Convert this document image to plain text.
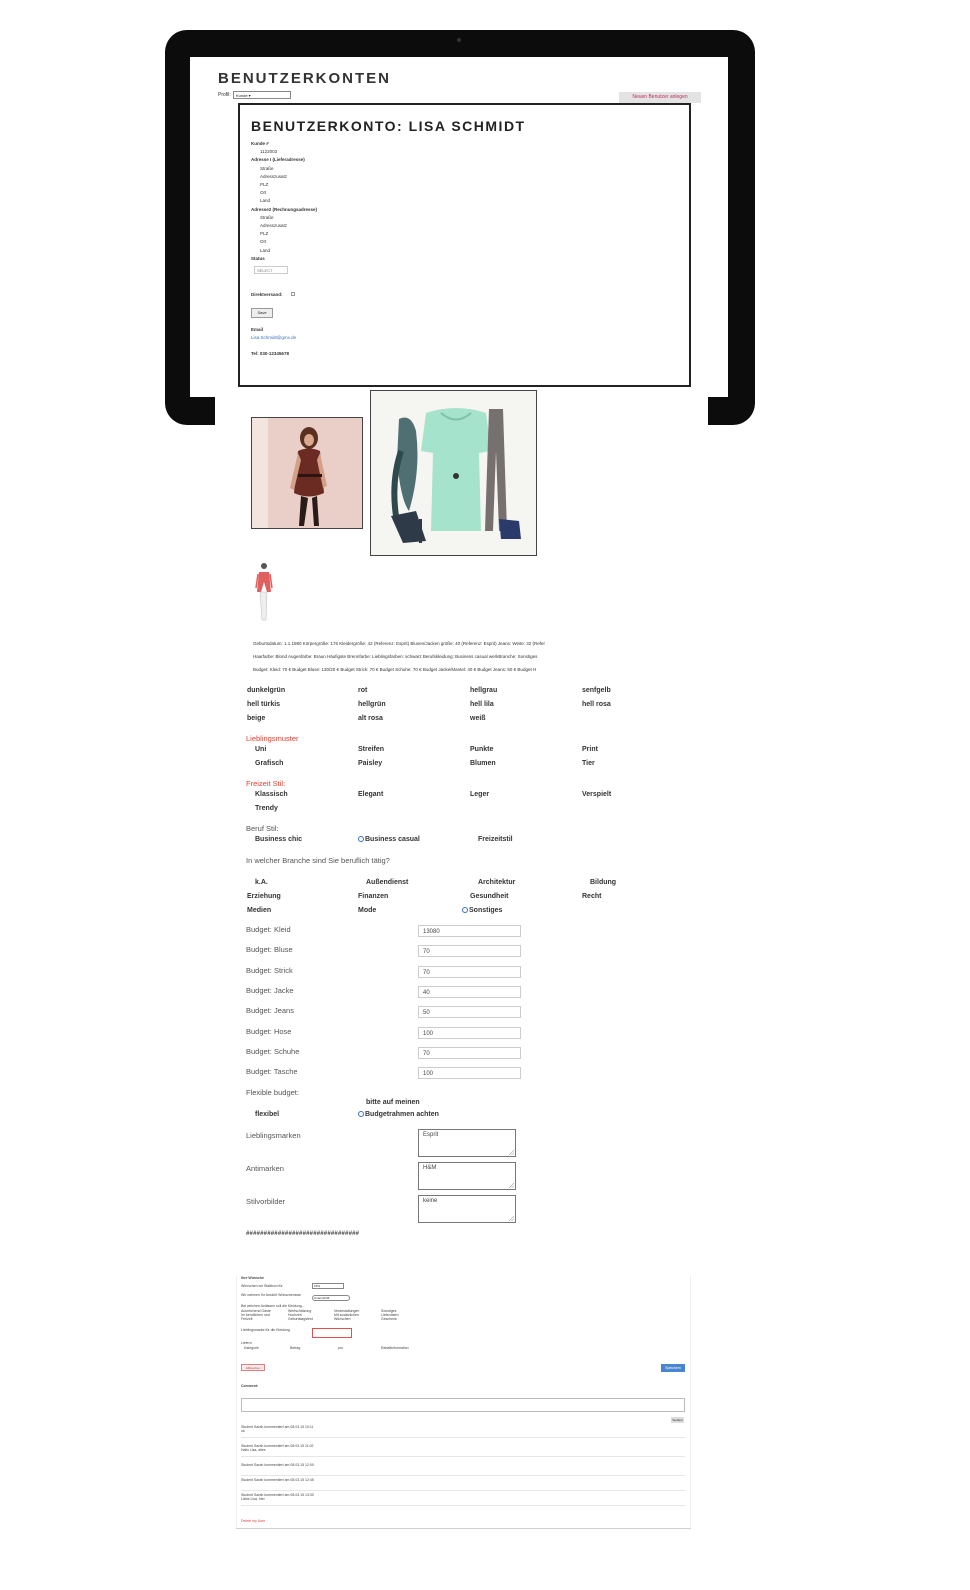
BENUTZERKONTEN
Profil:	Kunde ▾	Neuen Benutzer anlegen
BENUTZERKONTO: LISA SCHMIDT
Kunde #
1122003
Adresse I (Lieferadresse)
Straße
Adresszusatz
PLZ
Ort
Land
Adresse2 (Rechnungsadresse)
Straße
Adresszusatz
PLZ
Ort
Land
Status
SELECT
Direktversand:
Save
Email
Lisa.Schmidt@gmx.de
Tel: 030-12345678
Geburtsdatum: 1.1.1980 Körpergröße: 176 Kleidergröße: 42 (Referenz: Esprit) Blusen/Jacken größe: 40 (Referenz: Esprit) Jeans: Weite: 32 (Refer
Haarfarbe: Blond Augenfarbe: Braun Häufigste Brennfarbe: Lieblingsfarben: schwarz Berufskleidung: Business casual werkBranche: Sonstiges
Budget: Kleid: 70 € Budget Bluse: 130/20 € Budget Strick: 70 € Budget Schuhe: 70 € Budget Jacke/Mantel: 40 € Budget Jeans: 50 € Budget H
dunkelgrün	rot	hellgrau	senfgelb
hell türkis	hellgrün	hell lila	hell rosa
beige	alt rosa	weiß
Lieblingsmuster
Uni	Streifen	Punkte	Print
Grafisch	Paisley	Blumen	Tier
Freizeit Stil:
Klassisch	Elegant	Leger	Verspielt
Trendy
Beruf Stil:
Business chic	Business casual	Freizeitstil
In welcher Branche sind Sie beruflich tätig?
k.A.	Außendienst	Architektur	Bildung
Erziehung	Finanzen	Gesundheit	Recht
Medien	Mode	Sonstiges
Budget: Kleid	13080
Budget: Bluse	70
Budget: Strick	70
Budget: Jacke	40
Budget: Jeans	50
Budget: Hose	100
Budget: Schuhe	70
Budget: Tasche	100
Flexible budget:
bitte auf meinen
flexibel	Budgetrahmen achten
Lieblingsmarken	Esprit
Antimarken	H&M
Stilvorbilder	keine
################################
Ihre Wünsche
Wünschen wir Stattboxi für	15%
Wir nahmen Ihr Ansicht Wünschenswe
Unterschrift
Bei welchen Anlässen soll die Kleidung...
Ausreichend Gäste	Wertschätzung	Veranstaltungen	Sonstiges
Im beruflichen und	Hochzeit	Mit zusätzlichen	Lieferdaten
Freizeit	Geburtstagsfest	Wünschen	Geschenk
Lieblingsmarke für die Kleidung
Liefern
Kategorie	Betrag	pro	Rabattinformation
Abbrechen	Speichern
Comment:
Senden
Student Sarah kommentiert am 08.03.15 10:11
ok
Student Sarah kommentiert am 08.03.15 11:02
Hallo Lisa, alles
Student Sarah kommentiert am 08.03.15 12:00
Student Sarah kommentiert am 08.03.15 12:45
Student Sarah kommentiert am 08.03.15 13:30
Liebe Lisa, hier
Delete my User
